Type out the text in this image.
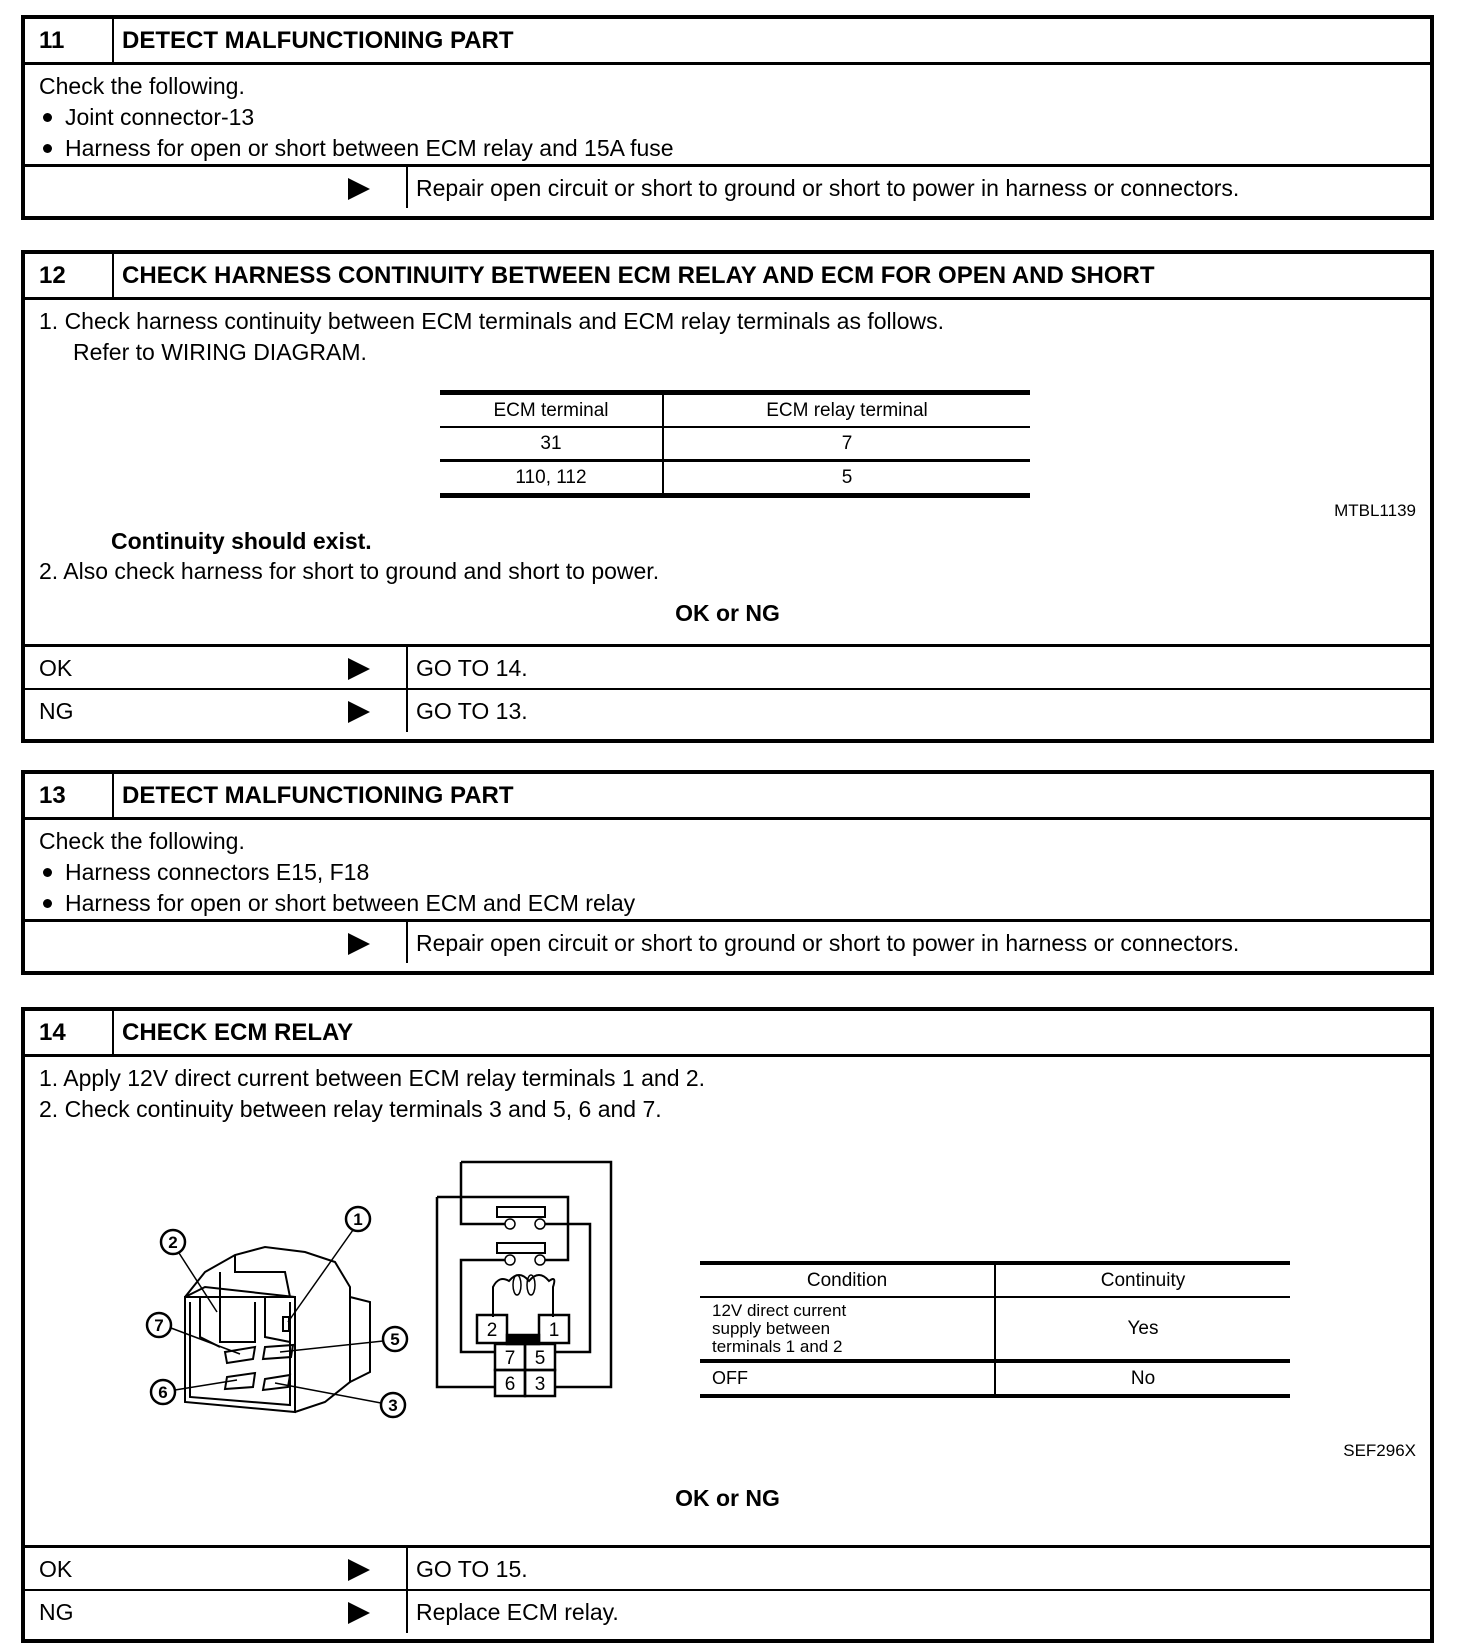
11	DETECT MALFUNCTIONING PART
Check the following.
Joint connector-13
Harness for open or short between ECM relay and 15A fuse
Repair open circuit or short to ground or short to power in harness or connectors.
12	CHECK HARNESS CONTINUITY BETWEEN ECM RELAY AND ECM FOR OPEN AND SHORT
1. Check harness continuity between ECM terminals and ECM relay terminals as follows.
Refer to WIRING DIAGRAM.
ECM terminal	ECM relay terminal
31	7
110, 112	5
MTBL1139
Continuity should exist.
2. Also check harness for short to ground and short to power.
OK or NG
OK	GO TO 14.
NG	GO TO 13.
13	DETECT MALFUNCTIONING PART
Check the following.
Harness connectors E15, F18
Harness for open or short between ECM and ECM relay
Repair open circuit or short to ground or short to power in harness or connectors.
14	CHECK ECM RELAY
1. Apply 12V direct current between ECM relay terminals 1 and 2.
2. Check continuity between relay terminals 3 and 5, 6 and 7.
1
2
7
5
6
3
2	1
7 5
6 3
Condition	Continuity
12V direct current supply between terminals 1 and 2	Yes
OFF	No
SEF296X
OK or NG
OK	GO TO 15.
NG	Replace ECM relay.
